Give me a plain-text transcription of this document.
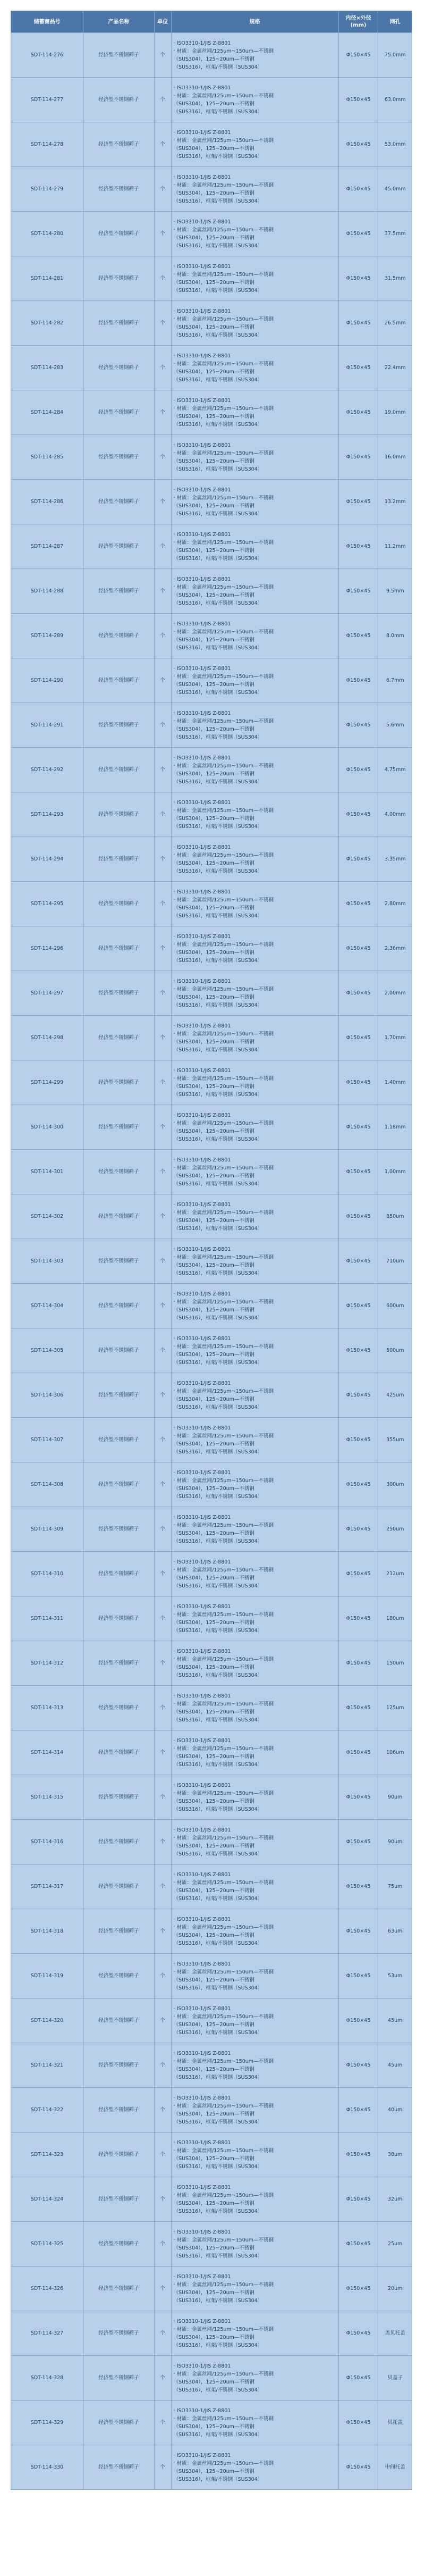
储蓄商品号	产品名称	单位	规格	内径×外径(mm)	网孔
SDT-114-276	经济型不锈钢筛子	个	· ISO3310-1/JIS Z-8801
· 材质：金属丝网/125um~150um—不锈钢
（SUS304），125~20um—不锈钢
（SUS316），框架/不锈钢（SUS304）	Φ150×45	75.0mm
SDT-114-277	经济型不锈钢筛子	个	· ISO3310-1/JIS Z-8801
· 材质：金属丝网/125um~150um—不锈钢
（SUS304），125~20um—不锈钢
（SUS316），框架/不锈钢（SUS304）	Φ150×45	63.0mm
SDT-114-278	经济型不锈钢筛子	个	· ISO3310-1/JIS Z-8801
· 材质：金属丝网/125um~150um—不锈钢
（SUS304），125~20um—不锈钢
（SUS316），框架/不锈钢（SUS304）	Φ150×45	53.0mm
SDT-114-279	经济型不锈钢筛子	个	· ISO3310-1/JIS Z-8801
· 材质：金属丝网/125um~150um—不锈钢
（SUS304），125~20um—不锈钢
（SUS316），框架/不锈钢（SUS304）	Φ150×45	45.0mm
SDT-114-280	经济型不锈钢筛子	个	· ISO3310-1/JIS Z-8801
· 材质：金属丝网/125um~150um—不锈钢
（SUS304），125~20um—不锈钢
（SUS316），框架/不锈钢（SUS304）	Φ150×45	37.5mm
SDT-114-281	经济型不锈钢筛子	个	· ISO3310-1/JIS Z-8801
· 材质：金属丝网/125um~150um—不锈钢
（SUS304），125~20um—不锈钢
（SUS316），框架/不锈钢（SUS304）	Φ150×45	31.5mm
SDT-114-282	经济型不锈钢筛子	个	· ISO3310-1/JIS Z-8801
· 材质：金属丝网/125um~150um—不锈钢
（SUS304），125~20um—不锈钢
（SUS316），框架/不锈钢（SUS304）	Φ150×45	26.5mm
SDT-114-283	经济型不锈钢筛子	个	· ISO3310-1/JIS Z-8801
· 材质：金属丝网/125um~150um—不锈钢
（SUS304），125~20um—不锈钢
（SUS316），框架/不锈钢（SUS304）	Φ150×45	22.4mm
SDT-114-284	经济型不锈钢筛子	个	· ISO3310-1/JIS Z-8801
· 材质：金属丝网/125um~150um—不锈钢
（SUS304），125~20um—不锈钢
（SUS316），框架/不锈钢（SUS304）	Φ150×45	19.0mm
SDT-114-285	经济型不锈钢筛子	个	· ISO3310-1/JIS Z-8801
· 材质：金属丝网/125um~150um—不锈钢
（SUS304），125~20um—不锈钢
（SUS316），框架/不锈钢（SUS304）	Φ150×45	16.0mm
SDT-114-286	经济型不锈钢筛子	个	· ISO3310-1/JIS Z-8801
· 材质：金属丝网/125um~150um—不锈钢
（SUS304），125~20um—不锈钢
（SUS316），框架/不锈钢（SUS304）	Φ150×45	13.2mm
SDT-114-287	经济型不锈钢筛子	个	· ISO3310-1/JIS Z-8801
· 材质：金属丝网/125um~150um—不锈钢
（SUS304），125~20um—不锈钢
（SUS316），框架/不锈钢（SUS304）	Φ150×45	11.2mm
SDT-114-288	经济型不锈钢筛子	个	· ISO3310-1/JIS Z-8801
· 材质：金属丝网/125um~150um—不锈钢
（SUS304），125~20um—不锈钢
（SUS316），框架/不锈钢（SUS304）	Φ150×45	9.5mm
SDT-114-289	经济型不锈钢筛子	个	· ISO3310-1/JIS Z-8801
· 材质：金属丝网/125um~150um—不锈钢
（SUS304），125~20um—不锈钢
（SUS316），框架/不锈钢（SUS304）	Φ150×45	8.0mm
SDT-114-290	经济型不锈钢筛子	个	· ISO3310-1/JIS Z-8801
· 材质：金属丝网/125um~150um—不锈钢
（SUS304），125~20um—不锈钢
（SUS316），框架/不锈钢（SUS304）	Φ150×45	6.7mm
SDT-114-291	经济型不锈钢筛子	个	· ISO3310-1/JIS Z-8801
· 材质：金属丝网/125um~150um—不锈钢
（SUS304），125~20um—不锈钢
（SUS316），框架/不锈钢（SUS304）	Φ150×45	5.6mm
SDT-114-292	经济型不锈钢筛子	个	· ISO3310-1/JIS Z-8801
· 材质：金属丝网/125um~150um—不锈钢
（SUS304），125~20um—不锈钢
（SUS316），框架/不锈钢（SUS304）	Φ150×45	4.75mm
SDT-114-293	经济型不锈钢筛子	个	· ISO3310-1/JIS Z-8801
· 材质：金属丝网/125um~150um—不锈钢
（SUS304），125~20um—不锈钢
（SUS316），框架/不锈钢（SUS304）	Φ150×45	4.00mm
SDT-114-294	经济型不锈钢筛子	个	· ISO3310-1/JIS Z-8801
· 材质：金属丝网/125um~150um—不锈钢
（SUS304），125~20um—不锈钢
（SUS316），框架/不锈钢（SUS304）	Φ150×45	3.35mm
SDT-114-295	经济型不锈钢筛子	个	· ISO3310-1/JIS Z-8801
· 材质：金属丝网/125um~150um—不锈钢
（SUS304），125~20um—不锈钢
（SUS316），框架/不锈钢（SUS304）	Φ150×45	2.80mm
SDT-114-296	经济型不锈钢筛子	个	· ISO3310-1/JIS Z-8801
· 材质：金属丝网/125um~150um—不锈钢
（SUS304），125~20um—不锈钢
（SUS316），框架/不锈钢（SUS304）	Φ150×45	2.36mm
SDT-114-297	经济型不锈钢筛子	个	· ISO3310-1/JIS Z-8801
· 材质：金属丝网/125um~150um—不锈钢
（SUS304），125~20um—不锈钢
（SUS316），框架/不锈钢（SUS304）	Φ150×45	2.00mm
SDT-114-298	经济型不锈钢筛子	个	· ISO3310-1/JIS Z-8801
· 材质：金属丝网/125um~150um—不锈钢
（SUS304），125~20um—不锈钢
（SUS316），框架/不锈钢（SUS304）	Φ150×45	1.70mm
SDT-114-299	经济型不锈钢筛子	个	· ISO3310-1/JIS Z-8801
· 材质：金属丝网/125um~150um—不锈钢
（SUS304），125~20um—不锈钢
（SUS316），框架/不锈钢（SUS304）	Φ150×45	1.40mm
SDT-114-300	经济型不锈钢筛子	个	· ISO3310-1/JIS Z-8801
· 材质：金属丝网/125um~150um—不锈钢
（SUS304），125~20um—不锈钢
（SUS316），框架/不锈钢（SUS304）	Φ150×45	1.18mm
SDT-114-301	经济型不锈钢筛子	个	· ISO3310-1/JIS Z-8801
· 材质：金属丝网/125um~150um—不锈钢
（SUS304），125~20um—不锈钢
（SUS316），框架/不锈钢（SUS304）	Φ150×45	1.00mm
SDT-114-302	经济型不锈钢筛子	个	· ISO3310-1/JIS Z-8801
· 材质：金属丝网/125um~150um—不锈钢
（SUS304），125~20um—不锈钢
（SUS316），框架/不锈钢（SUS304）	Φ150×45	850um
SDT-114-303	经济型不锈钢筛子	个	· ISO3310-1/JIS Z-8801
· 材质：金属丝网/125um~150um—不锈钢
（SUS304），125~20um—不锈钢
（SUS316），框架/不锈钢（SUS304）	Φ150×45	710um
SDT-114-304	经济型不锈钢筛子	个	· ISO3310-1/JIS Z-8801
· 材质：金属丝网/125um~150um—不锈钢
（SUS304），125~20um—不锈钢
（SUS316），框架/不锈钢（SUS304）	Φ150×45	600um
SDT-114-305	经济型不锈钢筛子	个	· ISO3310-1/JIS Z-8801
· 材质：金属丝网/125um~150um—不锈钢
（SUS304），125~20um—不锈钢
（SUS316），框架/不锈钢（SUS304）	Φ150×45	500um
SDT-114-306	经济型不锈钢筛子	个	· ISO3310-1/JIS Z-8801
· 材质：金属丝网/125um~150um—不锈钢
（SUS304），125~20um—不锈钢
（SUS316），框架/不锈钢（SUS304）	Φ150×45	425um
SDT-114-307	经济型不锈钢筛子	个	· ISO3310-1/JIS Z-8801
· 材质：金属丝网/125um~150um—不锈钢
（SUS304），125~20um—不锈钢
（SUS316），框架/不锈钢（SUS304）	Φ150×45	355um
SDT-114-308	经济型不锈钢筛子	个	· ISO3310-1/JIS Z-8801
· 材质：金属丝网/125um~150um—不锈钢
（SUS304），125~20um—不锈钢
（SUS316），框架/不锈钢（SUS304）	Φ150×45	300um
SDT-114-309	经济型不锈钢筛子	个	· ISO3310-1/JIS Z-8801
· 材质：金属丝网/125um~150um—不锈钢
（SUS304），125~20um—不锈钢
（SUS316），框架/不锈钢（SUS304）	Φ150×45	250um
SDT-114-310	经济型不锈钢筛子	个	· ISO3310-1/JIS Z-8801
· 材质：金属丝网/125um~150um—不锈钢
（SUS304），125~20um—不锈钢
（SUS316），框架/不锈钢（SUS304）	Φ150×45	212um
SDT-114-311	经济型不锈钢筛子	个	· ISO3310-1/JIS Z-8801
· 材质：金属丝网/125um~150um—不锈钢
（SUS304），125~20um—不锈钢
（SUS316），框架/不锈钢（SUS304）	Φ150×45	180um
SDT-114-312	经济型不锈钢筛子	个	· ISO3310-1/JIS Z-8801
· 材质：金属丝网/125um~150um—不锈钢
（SUS304），125~20um—不锈钢
（SUS316），框架/不锈钢（SUS304）	Φ150×45	150um
SDT-114-313	经济型不锈钢筛子	个	· ISO3310-1/JIS Z-8801
· 材质：金属丝网/125um~150um—不锈钢
（SUS304），125~20um—不锈钢
（SUS316），框架/不锈钢（SUS304）	Φ150×45	125um
SDT-114-314	经济型不锈钢筛子	个	· ISO3310-1/JIS Z-8801
· 材质：金属丝网/125um~150um—不锈钢
（SUS304），125~20um—不锈钢
（SUS316），框架/不锈钢（SUS304）	Φ150×45	106um
SDT-114-315	经济型不锈钢筛子	个	· ISO3310-1/JIS Z-8801
· 材质：金属丝网/125um~150um—不锈钢
（SUS304），125~20um—不锈钢
（SUS316），框架/不锈钢（SUS304）	Φ150×45	90um
SDT-114-316	经济型不锈钢筛子	个	· ISO3310-1/JIS Z-8801
· 材质：金属丝网/125um~150um—不锈钢
（SUS304），125~20um—不锈钢
（SUS316），框架/不锈钢（SUS304）	Φ150×45	90um
SDT-114-317	经济型不锈钢筛子	个	· ISO3310-1/JIS Z-8801
· 材质：金属丝网/125um~150um—不锈钢
（SUS304），125~20um—不锈钢
（SUS316），框架/不锈钢（SUS304）	Φ150×45	75um
SDT-114-318	经济型不锈钢筛子	个	· ISO3310-1/JIS Z-8801
· 材质：金属丝网/125um~150um—不锈钢
（SUS304），125~20um—不锈钢
（SUS316），框架/不锈钢（SUS304）	Φ150×45	63um
SDT-114-319	经济型不锈钢筛子	个	· ISO3310-1/JIS Z-8801
· 材质：金属丝网/125um~150um—不锈钢
（SUS304），125~20um—不锈钢
（SUS316），框架/不锈钢（SUS304）	Φ150×45	53um
SDT-114-320	经济型不锈钢筛子	个	· ISO3310-1/JIS Z-8801
· 材质：金属丝网/125um~150um—不锈钢
（SUS304），125~20um—不锈钢
（SUS316），框架/不锈钢（SUS304）	Φ150×45	45um
SDT-114-321	经济型不锈钢筛子	个	· ISO3310-1/JIS Z-8801
· 材质：金属丝网/125um~150um—不锈钢
（SUS304），125~20um—不锈钢
（SUS316），框架/不锈钢（SUS304）	Φ150×45	45um
SDT-114-322	经济型不锈钢筛子	个	· ISO3310-1/JIS Z-8801
· 材质：金属丝网/125um~150um—不锈钢
（SUS304），125~20um—不锈钢
（SUS316），框架/不锈钢（SUS304）	Φ150×45	40um
SDT-114-323	经济型不锈钢筛子	个	· ISO3310-1/JIS Z-8801
· 材质：金属丝网/125um~150um—不锈钢
（SUS304），125~20um—不锈钢
（SUS316），框架/不锈钢（SUS304）	Φ150×45	38um
SDT-114-324	经济型不锈钢筛子	个	· ISO3310-1/JIS Z-8801
· 材质：金属丝网/125um~150um—不锈钢
（SUS304），125~20um—不锈钢
（SUS316），框架/不锈钢（SUS304）	Φ150×45	32um
SDT-114-325	经济型不锈钢筛子	个	· ISO3310-1/JIS Z-8801
· 材质：金属丝网/125um~150um—不锈钢
（SUS304），125~20um—不锈钢
（SUS316），框架/不锈钢（SUS304）	Φ150×45	25um
SDT-114-326	经济型不锈钢筛子	个	· ISO3310-1/JIS Z-8801
· 材质：金属丝网/125um~150um—不锈钢
（SUS304），125~20um—不锈钢
（SUS316），框架/不锈钢（SUS304）	Φ150×45	20um
SDT-114-327	经济型不锈钢筛子	个	· ISO3310-1/JIS Z-8801
· 材质：金属丝网/125um~150um—不锈钢
（SUS304），125~20um—不锈钢
（SUS316），框架/不锈钢（SUS304）	Φ150×45	盖贝托盖
SDT-114-328	经济型不锈钢筛子	个	· ISO3310-1/JIS Z-8801
· 材质：金属丝网/125um~150um—不锈钢
（SUS304），125~20um—不锈钢
（SUS316），框架/不锈钢（SUS304）	Φ150×45	贝盖子
SDT-114-329	经济型不锈钢筛子	个	· ISO3310-1/JIS Z-8801
· 材质：金属丝网/125um~150um—不锈钢
（SUS304），125~20um—不锈钢
（SUS316），框架/不锈钢（SUS304）	Φ150×45	贝托盖
SDT-114-330	经济型不锈钢筛子	个	· ISO3310-1/JIS Z-8801
· 材质：金属丝网/125um~150um—不锈钢
（SUS304），125~20um—不锈钢
（SUS316），框架/不锈钢（SUS304）	Φ150×45	中间托盖
